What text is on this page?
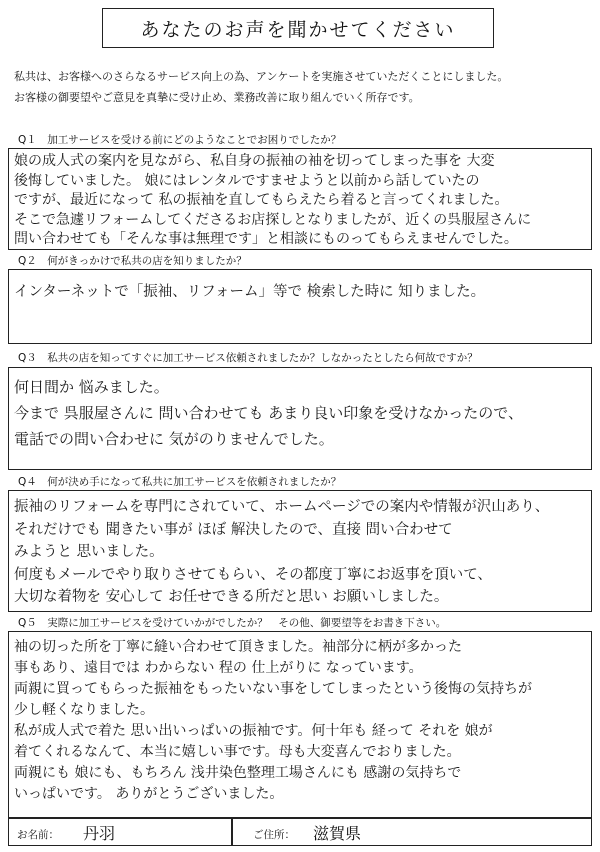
あなたのお声を聞かせてください
私共は、お客様へのさらなるサービス向上の為、アンケートを実施させていただくことにしました。
お客様の御要望やご意見を真摯に受け止め、業務改善に取り組んでいく所存です。
Q１　加工サービスを受ける前にどのようなことでお困りでしたか？
娘の成人式の案内を見ながら、私自身の振袖の袖を切ってしまった事を 大変
後悔していました。 娘にはレンタルですませようと以前から話していたの
ですが、最近になって 私の振袖を直してもらえたら着ると言ってくれました。
そこで急遽リフォームしてくださるお店探しとなりましたが、近くの呉服屋さんに
問い合わせても「そんな事は無理です」と相談にものってもらえませんでした。
Q２　何がきっかけで私共の店を知りましたか？
インターネットで「振袖、リフォーム」等で 検索した時に 知りました。
Q３　私共の店を知ってすぐに加工サービス依頼されましたか？しなかったとしたら何故ですか？
何日間か 悩みました。
今まで 呉服屋さんに 問い合わせても あまり良い印象を受けなかったので、
電話での問い合わせに 気がのりませんでした。
Q４　何が決め手になって私共に加工サービスを依頼されましたか？
振袖のリフォームを専門にされていて、ホームページでの案内や情報が沢山あり、
それだけでも 聞きたい事が ほぼ 解決したので、直接 問い合わせて
みようと 思いました。
何度もメールでやり取りさせてもらい、その都度丁寧にお返事を頂いて、
大切な着物を 安心して お任せできる所だと思い お願いしました。
Q５　実際に加工サービスを受けていかがでしたか？　その他、御要望等をお書き下さい。
袖の切った所を丁寧に縫い合わせて頂きました。袖部分に柄が多かった
事もあり、遠目では わからない 程の 仕上がりに なっています。
両親に買ってもらった振袖をもったいない事をしてしまったという後悔の気持ちが
少し軽くなりました。
私が成人式で着た 思い出いっぱいの振袖です。何十年も 経って それを 娘が
着てくれるなんて、本当に嬉しい事です。母も大変喜んでおりました。
両親にも 娘にも、もちろん 浅井染色整理工場さんにも 感謝の気持ちで
いっぱいです。 ありがとうございました。
お名前： 丹羽	ご住所： 滋賀県
